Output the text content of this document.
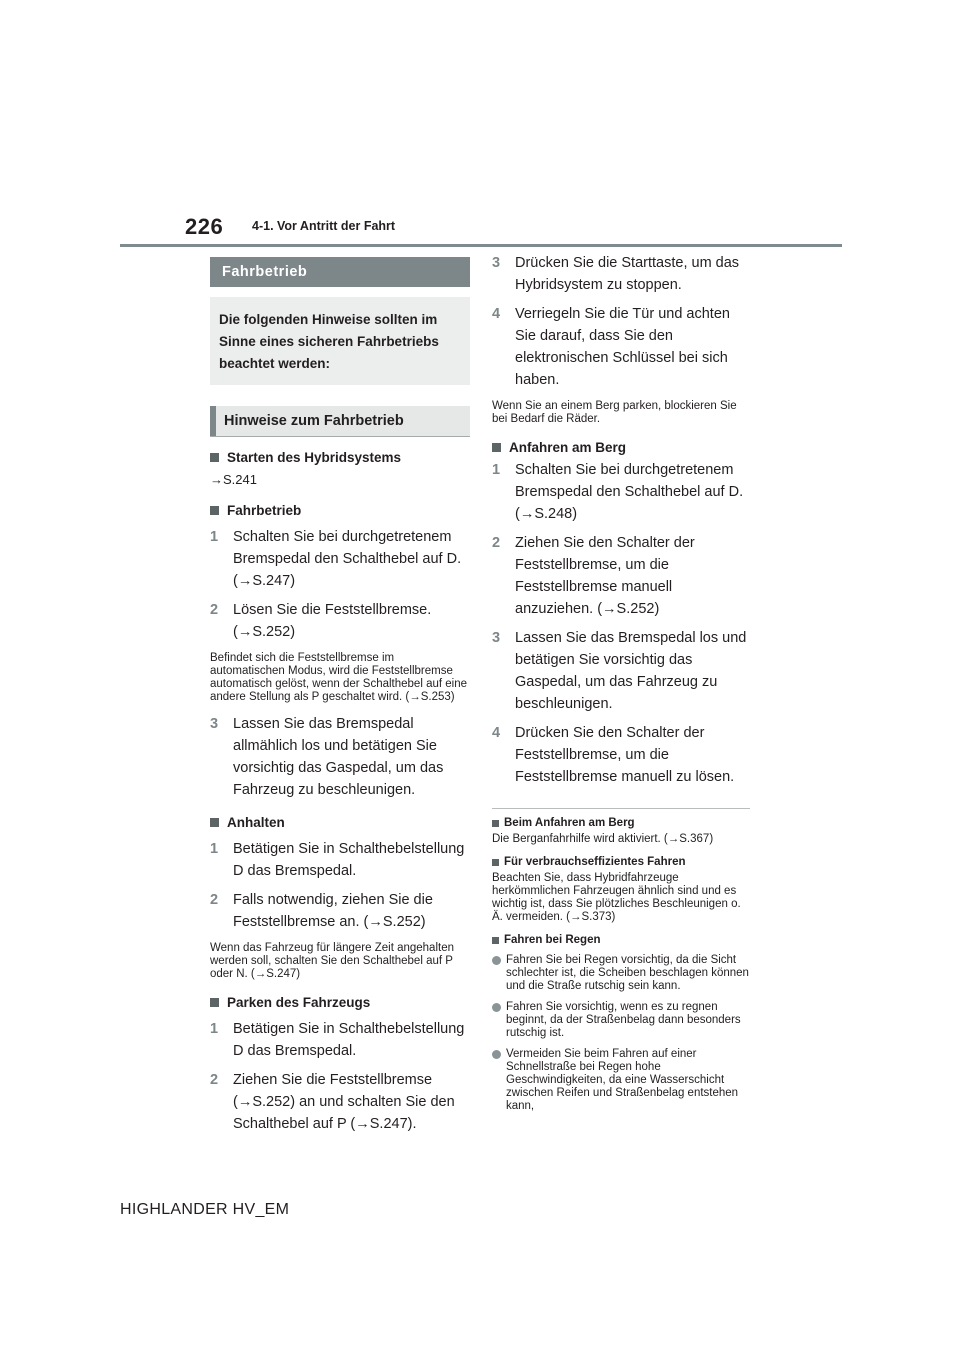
226 4-1. Vor Antritt der Fahrt
Fahrbetrieb
Die folgenden Hinweise sollten im Sinne eines sicheren Fahrbetriebs beachtet werden:
Hinweise zum Fahrbetrieb
Starten des Hybridsystems
→S.241
Fahrbetrieb
1	Schalten Sie bei durchgetretenem Bremspedal den Schalthebel auf D. (→S.247)
2	Lösen Sie die Feststellbremse. (→S.252)
Befindet sich die Feststellbremse im automatischen Modus, wird die Feststellbremse automatisch gelöst, wenn der Schalthebel auf eine andere Stellung als P geschaltet wird. (→S.253)
3	Lassen Sie das Bremspedal allmählich los und betätigen Sie vorsichtig das Gaspedal, um das Fahrzeug zu beschleunigen.
Anhalten
1	Betätigen Sie in Schalthebelstellung D das Bremspedal.
2	Falls notwendig, ziehen Sie die Feststellbremse an. (→S.252)
Wenn das Fahrzeug für längere Zeit angehalten werden soll, schalten Sie den Schalthebel auf P oder N. (→S.247)
Parken des Fahrzeugs
1	Betätigen Sie in Schalthebelstellung D das Bremspedal.
2	Ziehen Sie die Feststellbremse (→S.252) an und schalten Sie den Schalthebel auf P (→S.247).
3	Drücken Sie die Starttaste, um das Hybridsystem zu stoppen.
4	Verriegeln Sie die Tür und achten Sie darauf, dass Sie den elektronischen Schlüssel bei sich haben.
Wenn Sie an einem Berg parken, blockieren Sie bei Bedarf die Räder.
Anfahren am Berg
1	Schalten Sie bei durchgetretenem Bremspedal den Schalthebel auf D. (→S.248)
2	Ziehen Sie den Schalter der Feststellbremse, um die Feststellbremse manuell anzuziehen. (→S.252)
3	Lassen Sie das Bremspedal los und betätigen Sie vorsichtig das Gaspedal, um das Fahrzeug zu beschleunigen.
4	Drücken Sie den Schalter der Feststellbremse, um die Feststellbremse manuell zu lösen.
Beim Anfahren am Berg
Die Berganfahrhilfe wird aktiviert. (→S.367)
Für verbrauchseffizientes Fahren
Beachten Sie, dass Hybridfahrzeuge herkömmlichen Fahrzeugen ähnlich sind und es wichtig ist, dass Sie plötzliches Beschleunigen o. Ä. vermeiden. (→S.373)
Fahren bei Regen
Fahren Sie bei Regen vorsichtig, da die Sicht schlechter ist, die Scheiben beschlagen können und die Straße rutschig sein kann.
Fahren Sie vorsichtig, wenn es zu regnen beginnt, da der Straßenbelag dann besonders rutschig ist.
Vermeiden Sie beim Fahren auf einer Schnellstraße bei Regen hohe Geschwindigkeiten, da eine Wasserschicht zwischen Reifen und Straßenbelag entstehen kann,
HIGHLANDER HV_EM
